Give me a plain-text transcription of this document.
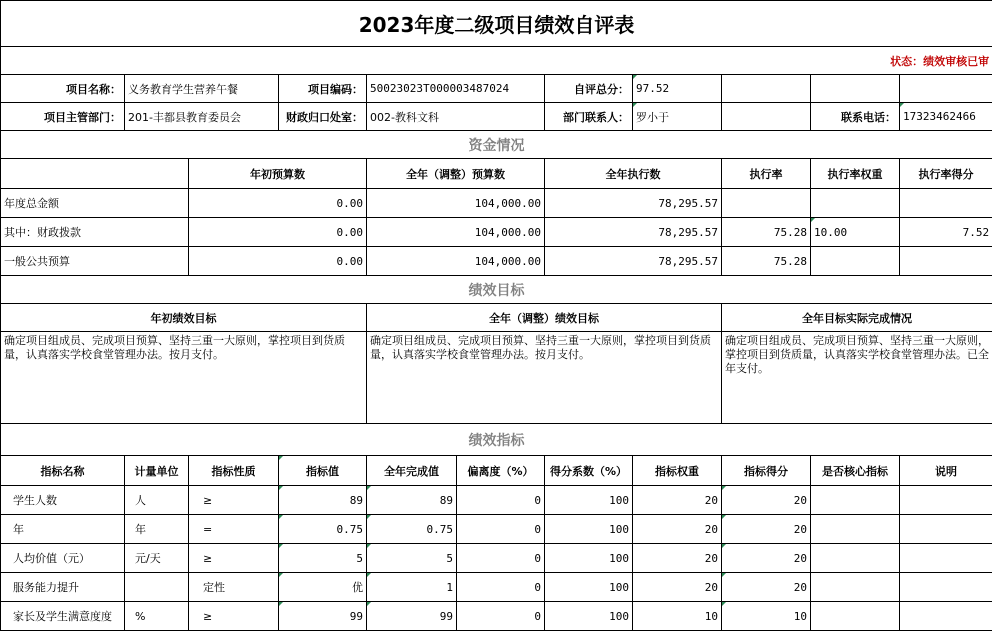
2023年度二级项目绩效自评表										
状态：绩效审核已审										
项目名称：	义务教育学生营养午餐		项目编码：	50023023T000003487024		自评总分：	97.52			
项目主管部门：	201-丰都县教育委员会		财政归口处室：	002-教科文科		部门联系人：	罗小于		联系电话：	17323462466
资金情况										
		年初预算数		全年（调整）预算数		全年执行数		执行率	执行率权重	执行率得分
年度总金额		0.00		104,000.00		78,295.57				
其中：财政拨款		0.00		104,000.00		78,295.57		75.28	10.00	7.52
一般公共预算		0.00		104,000.00		78,295.57		75.28		
绩效目标										
年初绩效目标				全年（调整）绩效目标				全年目标实际完成情况		
确定项目组成员、完成项目预算、坚持三重一大原则，掌控项目到货质量，认真落实学校食堂管理办法。按月支付。				确定项目组成员、完成项目预算、坚持三重一大原则，掌控项目到货质量，认真落实学校食堂管理办法。按月支付。				确定项目组成员、完成项目预算、坚持三重一大原则，掌控项目到货质量，认真落实学校食堂管理办法。已全年支付。		
绩效指标										
指标名称	计量单位	指标性质	指标值	全年完成值	偏离度（%）	得分系数（%）	指标权重	指标得分	是否核心指标	说明
学生人数	人	≥	89	89	0	100	20	20		
年	年	=	0.75	0.75	0	100	20	20		
人均价值（元）	元/天	≥	5	5	0	100	20	20		
服务能力提升		定性	优	1	0	100	20	20		
家长及学生满意度度	%	≥	99	99	0	100	10	10		
